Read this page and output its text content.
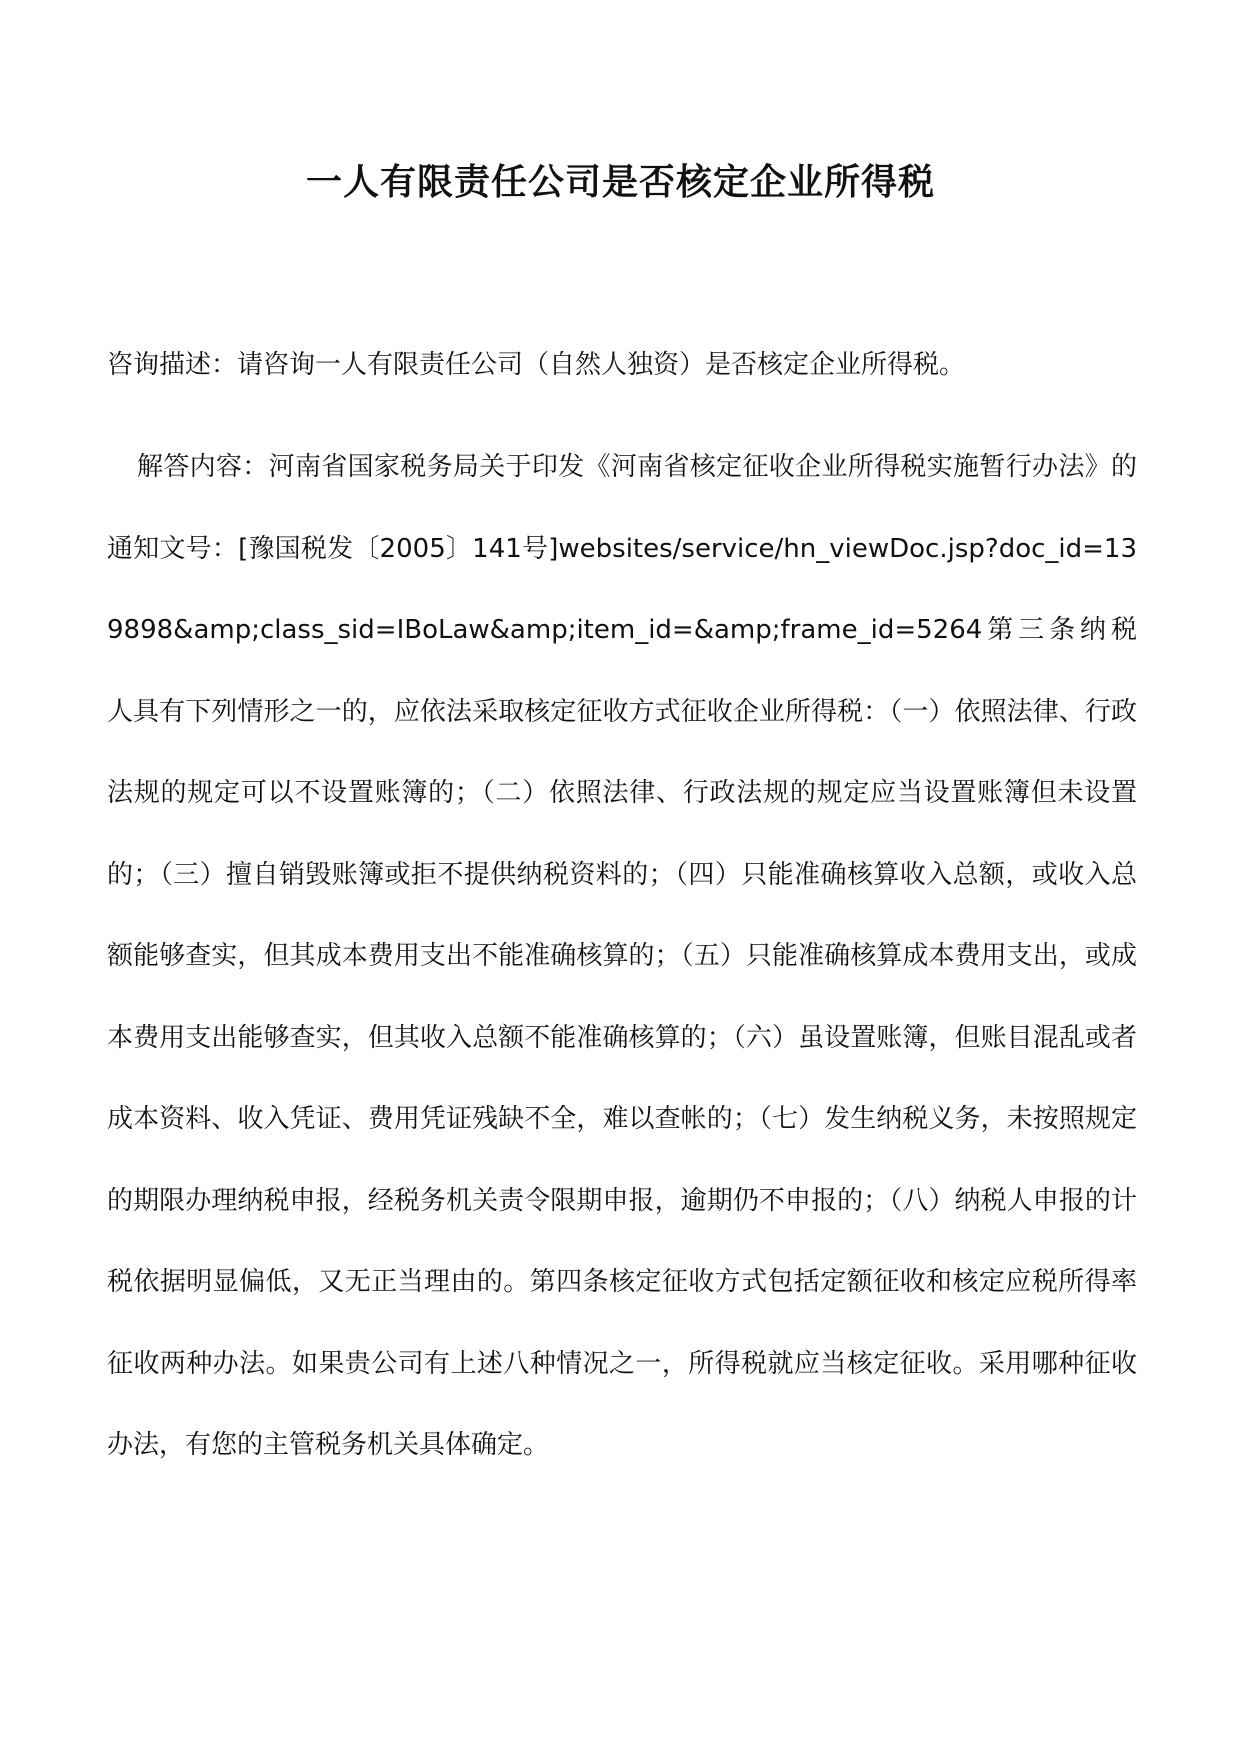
一人有限责任公司是否核定企业所得税

咨询描述：请咨询一人有限责任公司（自然人独资）是否核定企业所得税。

解答内容：河南省国家税务局关于印发《河南省核定征收企业所得税实施暂行办法》的通知文号：[豫国税发〔2005〕141号]websites/service/hn_viewDoc.jsp?doc_id=139898&amp;class_sid=IBoLaw&amp;item_id=&amp;frame_id=5264第三条纳税人具有下列情形之一的，应依法采取核定征收方式征收企业所得税：（一）依照法律、行政法规的规定可以不设置账簿的；（二）依照法律、行政法规的规定应当设置账簿但未设置的；（三）擅自销毁账簿或拒不提供纳税资料的；（四）只能准确核算收入总额，或收入总额能够查实，但其成本费用支出不能准确核算的；（五）只能准确核算成本费用支出，或成本费用支出能够查实，但其收入总额不能准确核算的；（六）虽设置账簿，但账目混乱或者成本资料、收入凭证、费用凭证残缺不全，难以查帐的；（七）发生纳税义务，未按照规定的期限办理纳税申报，经税务机关责令限期申报，逾期仍不申报的；（八）纳税人申报的计税依据明显偏低，又无正当理由的。第四条核定征收方式包括定额征收和核定应税所得率征收两种办法。如果贵公司有上述八种情况之一，所得税就应当核定征收。采用哪种征收办法，有您的主管税务机关具体确定。
